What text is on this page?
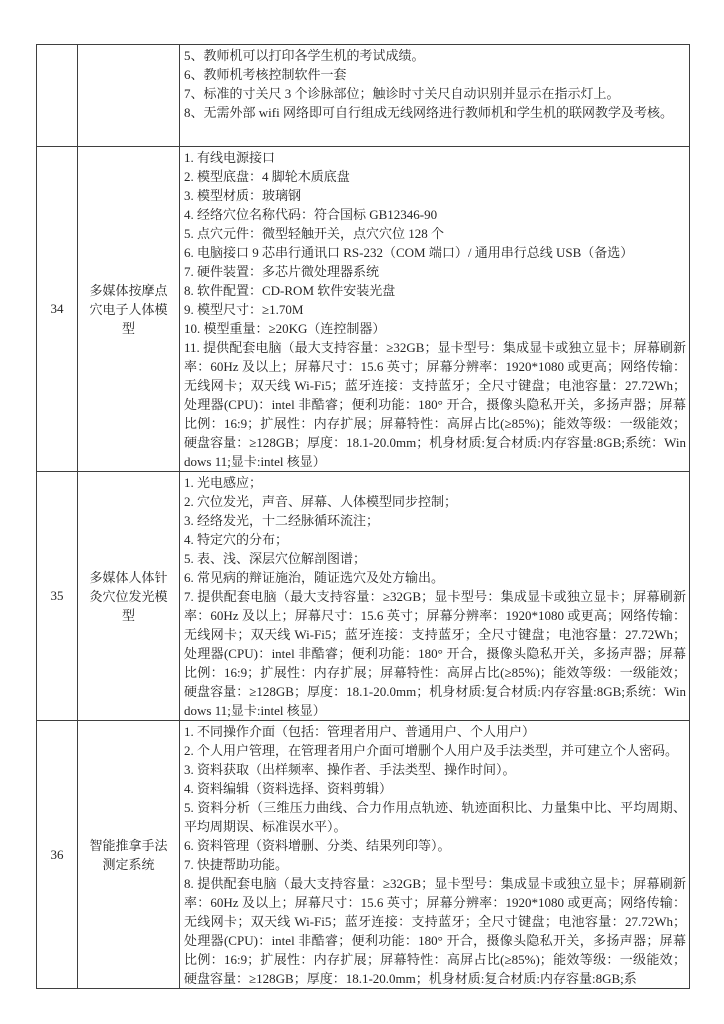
5、教师机可以打印各学生机的考试成绩。

6、教师机考核控制软件一套

7、标准的寸关尺 3 个诊脉部位；触诊时寸关尺自动识别并显示在指示灯上。

8、无需外部 wifi 网络即可自行组成无线网络进行教师机和学生机的联网教学及考核。

34
多媒体按摩点穴电子人体模型

1. 有线电源接口

2. 模型底盘：4 脚轮木质底盘

3. 模型材质：玻璃钢

4. 经络穴位名称代码：符合国标 GB12346-90

5. 点穴元件：微型轻触开关，点穴穴位 128 个

6. 电脑接口 9 芯串行通讯口 RS-232（COM 端口）/ 通用串行总线 USB（备选）

7. 硬件装置：多芯片微处理器系统

8. 软件配置：CD-ROM 软件安装光盘

9. 模型尺寸：≥1.70M

10. 模型重量：≥20KG（连控制器）

11. 提供配套电脑（最大支持容量：≥32GB；显卡型号：集成显卡或独立显卡；屏幕刷新率：60Hz 及以上；屏幕尺寸：15.6 英寸；屏幕分辨率：1920*1080 或更高；网络传输：无线网卡；双天线 Wi-Fi5；蓝牙连接：支持蓝牙；全尺寸键盘；电池容量：27.72Wh；处理器(CPU)：intel 非酷睿；便利功能：180° 开合，摄像头隐私开关，多扬声器；屏幕比例：16:9；扩展性：内存扩展；屏幕特性：高屏占比(≥85%)；能效等级：一级能效；硬盘容量：≥128GB；厚度：18.1-20.0mm；机身材质:复合材质:内存容量:8GB;系统：Windows 11;显卡:intel 核显）

35
多媒体人体针灸穴位发光模型

1. 光电感应；

2. 穴位发光，声音、屏幕、人体模型同步控制；

3. 经络发光，十二经脉循环流注；

4. 特定穴的分布；

5. 表、浅、深层穴位解剖图谱；

6. 常见病的辩证施治，随证选穴及处方输出。

7. 提供配套电脑（最大支持容量：≥32GB；显卡型号：集成显卡或独立显卡；屏幕刷新率：60Hz 及以上；屏幕尺寸：15.6 英寸；屏幕分辨率：1920*1080 或更高；网络传输：无线网卡；双天线 Wi-Fi5；蓝牙连接：支持蓝牙；全尺寸键盘；电池容量：27.72Wh；处理器(CPU)：intel 非酷睿；便利功能：180° 开合，摄像头隐私开关，多扬声器；屏幕比例：16:9；扩展性：内存扩展；屏幕特性：高屏占比(≥85%)；能效等级：一级能效；硬盘容量：≥128GB；厚度：18.1-20.0mm；机身材质:复合材质:内存容量:8GB;系统：Windows 11;显卡:intel 核显）

36
智能推拿手法测定系统

1. 不同操作介面（包括：管理者用户、普通用户、个人用户）

2. 个人用户管理，在管理者用户介面可增删个人用户及手法类型，并可建立个人密码。

3. 资料获取（出样频率、操作者、手法类型、操作时间）。

4. 资料编辑（资料选择、资料剪辑）

5. 资料分析（三维压力曲线、合力作用点轨迹、轨迹面积比、力量集中比、平均周期、平均周期误、标准误水平）。

6. 资料管理（资料增删、分类、结果列印等）。

7. 快捷帮助功能。

8. 提供配套电脑（最大支持容量：≥32GB；显卡型号：集成显卡或独立显卡；屏幕刷新率：60Hz 及以上；屏幕尺寸：15.6 英寸；屏幕分辨率：1920*1080 或更高；网络传输：无线网卡；双天线 Wi-Fi5；蓝牙连接：支持蓝牙；全尺寸键盘；电池容量：27.72Wh；处理器(CPU)：intel 非酷睿；便利功能：180° 开合，摄像头隐私开关，多扬声器；屏幕比例：16:9；扩展性：内存扩展；屏幕特性：高屏占比(≥85%)；能效等级：一级能效；硬盘容量：≥128GB；厚度：18.1-20.0mm；机身材质:复合材质:内存容量:8GB;系
